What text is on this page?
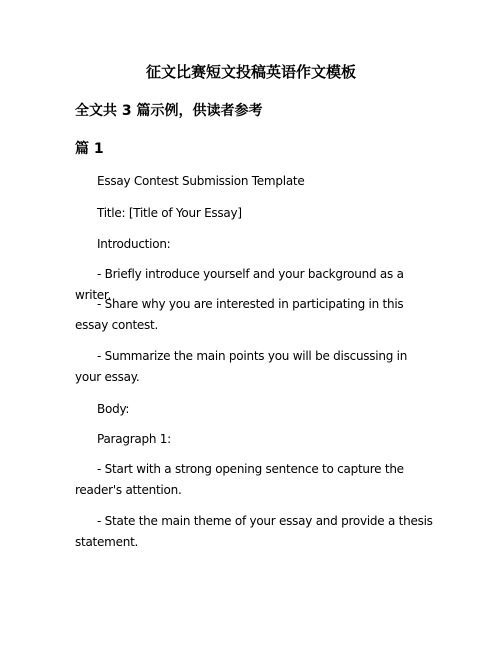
征文比赛短文投稿英语作文模板
全文共 3 篇示例，供读者参考
篇 1

Essay Contest Submission Template

Title: [Title of Your Essay]

Introduction:

- Briefly introduce yourself and your background as a writer.

- Share why you are interested in participating in this essay contest.

- Summarize the main points you will be discussing in your essay.

Body:

Paragraph 1:

- Start with a strong opening sentence to capture the reader's attention.

- State the main theme of your essay and provide a thesis statement.
